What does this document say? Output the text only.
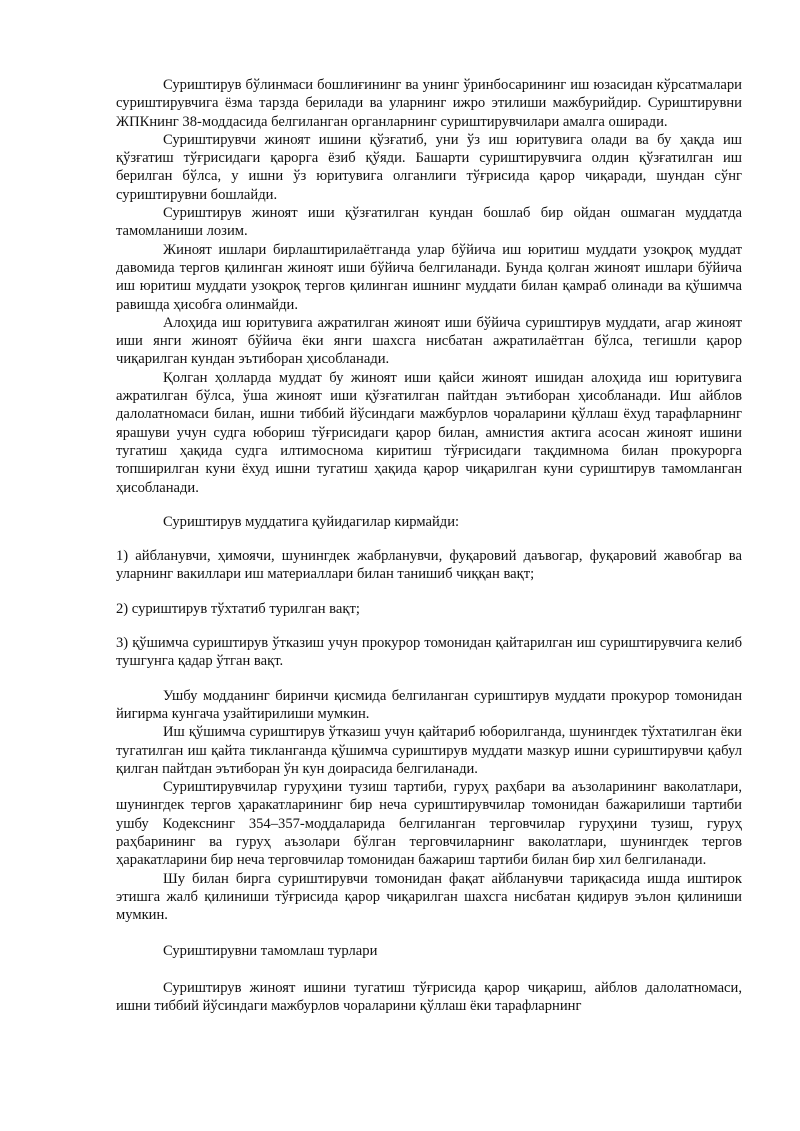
Суриштирув бўлинмаси бошлиғининг ва унинг ўринбосарининг иш юзасидан кўрсатмалари суриштирувчига ёзма тарзда берилади ва уларнинг ижро этилиши мажбурийдир. Суриштирувни ЖПКнинг 38-моддасида белгиланган органларнинг суриштирувчилари амалга оширади.

Суриштирувчи жиноят ишини қўзғатиб, уни ўз иш юритувига олади ва бу ҳақда иш қўзғатиш тўғрисидаги қарорга ёзиб қўяди. Башарти суриштирувчига олдин қўзғатилган иш берилган бўлса, у ишни ўз юритувига олганлиги тўғрисида қарор чиқаради, шундан сўнг суриштирувни бошлайди.

Суриштирув жиноят иши қўзғатилган кундан бошлаб бир ойдан ошмаган муддатда тамомланиши лозим.

Жиноят ишлари бирлаштирилаётганда улар бўйича иш юритиш муддати узоқроқ муддат давомида тергов қилинган жиноят иши бўйича белгиланади. Бунда қолган жиноят ишлари бўйича иш юритиш муддати узоқроқ тергов қилинган ишнинг муддати билан қамраб олинади ва қўшимча равишда ҳисобга олинмайди.

Алоҳида иш юритувига ажратилган жиноят иши бўйича суриштирув муддати, агар жиноят иши янги жиноят бўйича ёки янги шахсга нисбатан ажратилаётган бўлса, тегишли қарор чиқарилган кундан эътиборан ҳисобланади.

Қолган ҳолларда муддат бу жиноят иши қайси жиноят ишидан алоҳида иш юритувига ажратилган бўлса, ўша жиноят иши қўзғатилган пайтдан эътиборан ҳисобланади. Иш айблов далолатномаси билан, ишни тиббий йўсиндаги мажбурлов чораларини қўллаш ёхуд тарафларнинг ярашуви учун судга юбориш тўғрисидаги қарор билан, амнистия актига асосан жиноят ишини тугатиш ҳақида судга илтимоснома киритиш тўғрисидаги тақдимнома билан прокурорга топширилган куни ёхуд ишни тугатиш ҳақида қарор чиқарилган куни суриштирув тамомланган ҳисобланади.

Суриштирув муддатига қуйидагилар кирмайди:

1) айбланувчи, ҳимоячи, шунингдек жабрланувчи, фуқаровий даъвогар, фуқаровий жавобгар ва уларнинг вакиллари иш материаллари билан танишиб чиққан вақт;

2) суриштирув тўхтатиб турилган вақт;

3) қўшимча суриштирув ўтказиш учун прокурор томонидан қайтарилган иш суриштирувчига келиб тушгунга қадар ўтган вақт.

Ушбу модданинг биринчи қисмида белгиланган суриштирув муддати прокурор томонидан йигирма кунгача узайтирилиши мумкин.

Иш қўшимча суриштирув ўтказиш учун қайтариб юборилганда, шунингдек тўхтатилган ёки тугатилган иш қайта тикланганда қўшимча суриштирув муддати мазкур ишни суриштирувчи қабул қилган пайтдан эътиборан ўн кун доирасида белгиланади.

Суриштирувчилар гуруҳини тузиш тартиби, гуруҳ раҳбари ва аъзоларининг ваколатлари, шунингдек тергов ҳаракатларининг бир неча суриштирувчилар томонидан бажарилиши тартиби ушбу Кодекснинг 354–357-моддаларида белгиланган терговчилар гуруҳини тузиш, гуруҳ раҳбарининг ва гуруҳ аъзолари бўлган терговчиларнинг ваколатлари, шунингдек тергов ҳаракатларини бир неча терговчилар томонидан бажариш тартиби билан бир хил белгиланади.

Шу билан бирга суриштирувчи томонидан фақат айбланувчи тариқасида ишда иштирок этишга жалб қилиниши тўғрисида қарор чиқарилган шахсга нисбатан қидирув эълон қилиниши мумкин.

Суриштирувни тамомлаш турлари

Суриштирув жиноят ишини тугатиш тўғрисида қарор чиқариш, айблов далолатномаси, ишни тиббий йўсиндаги мажбурлов чораларини қўллаш ёки тарафларнинг
